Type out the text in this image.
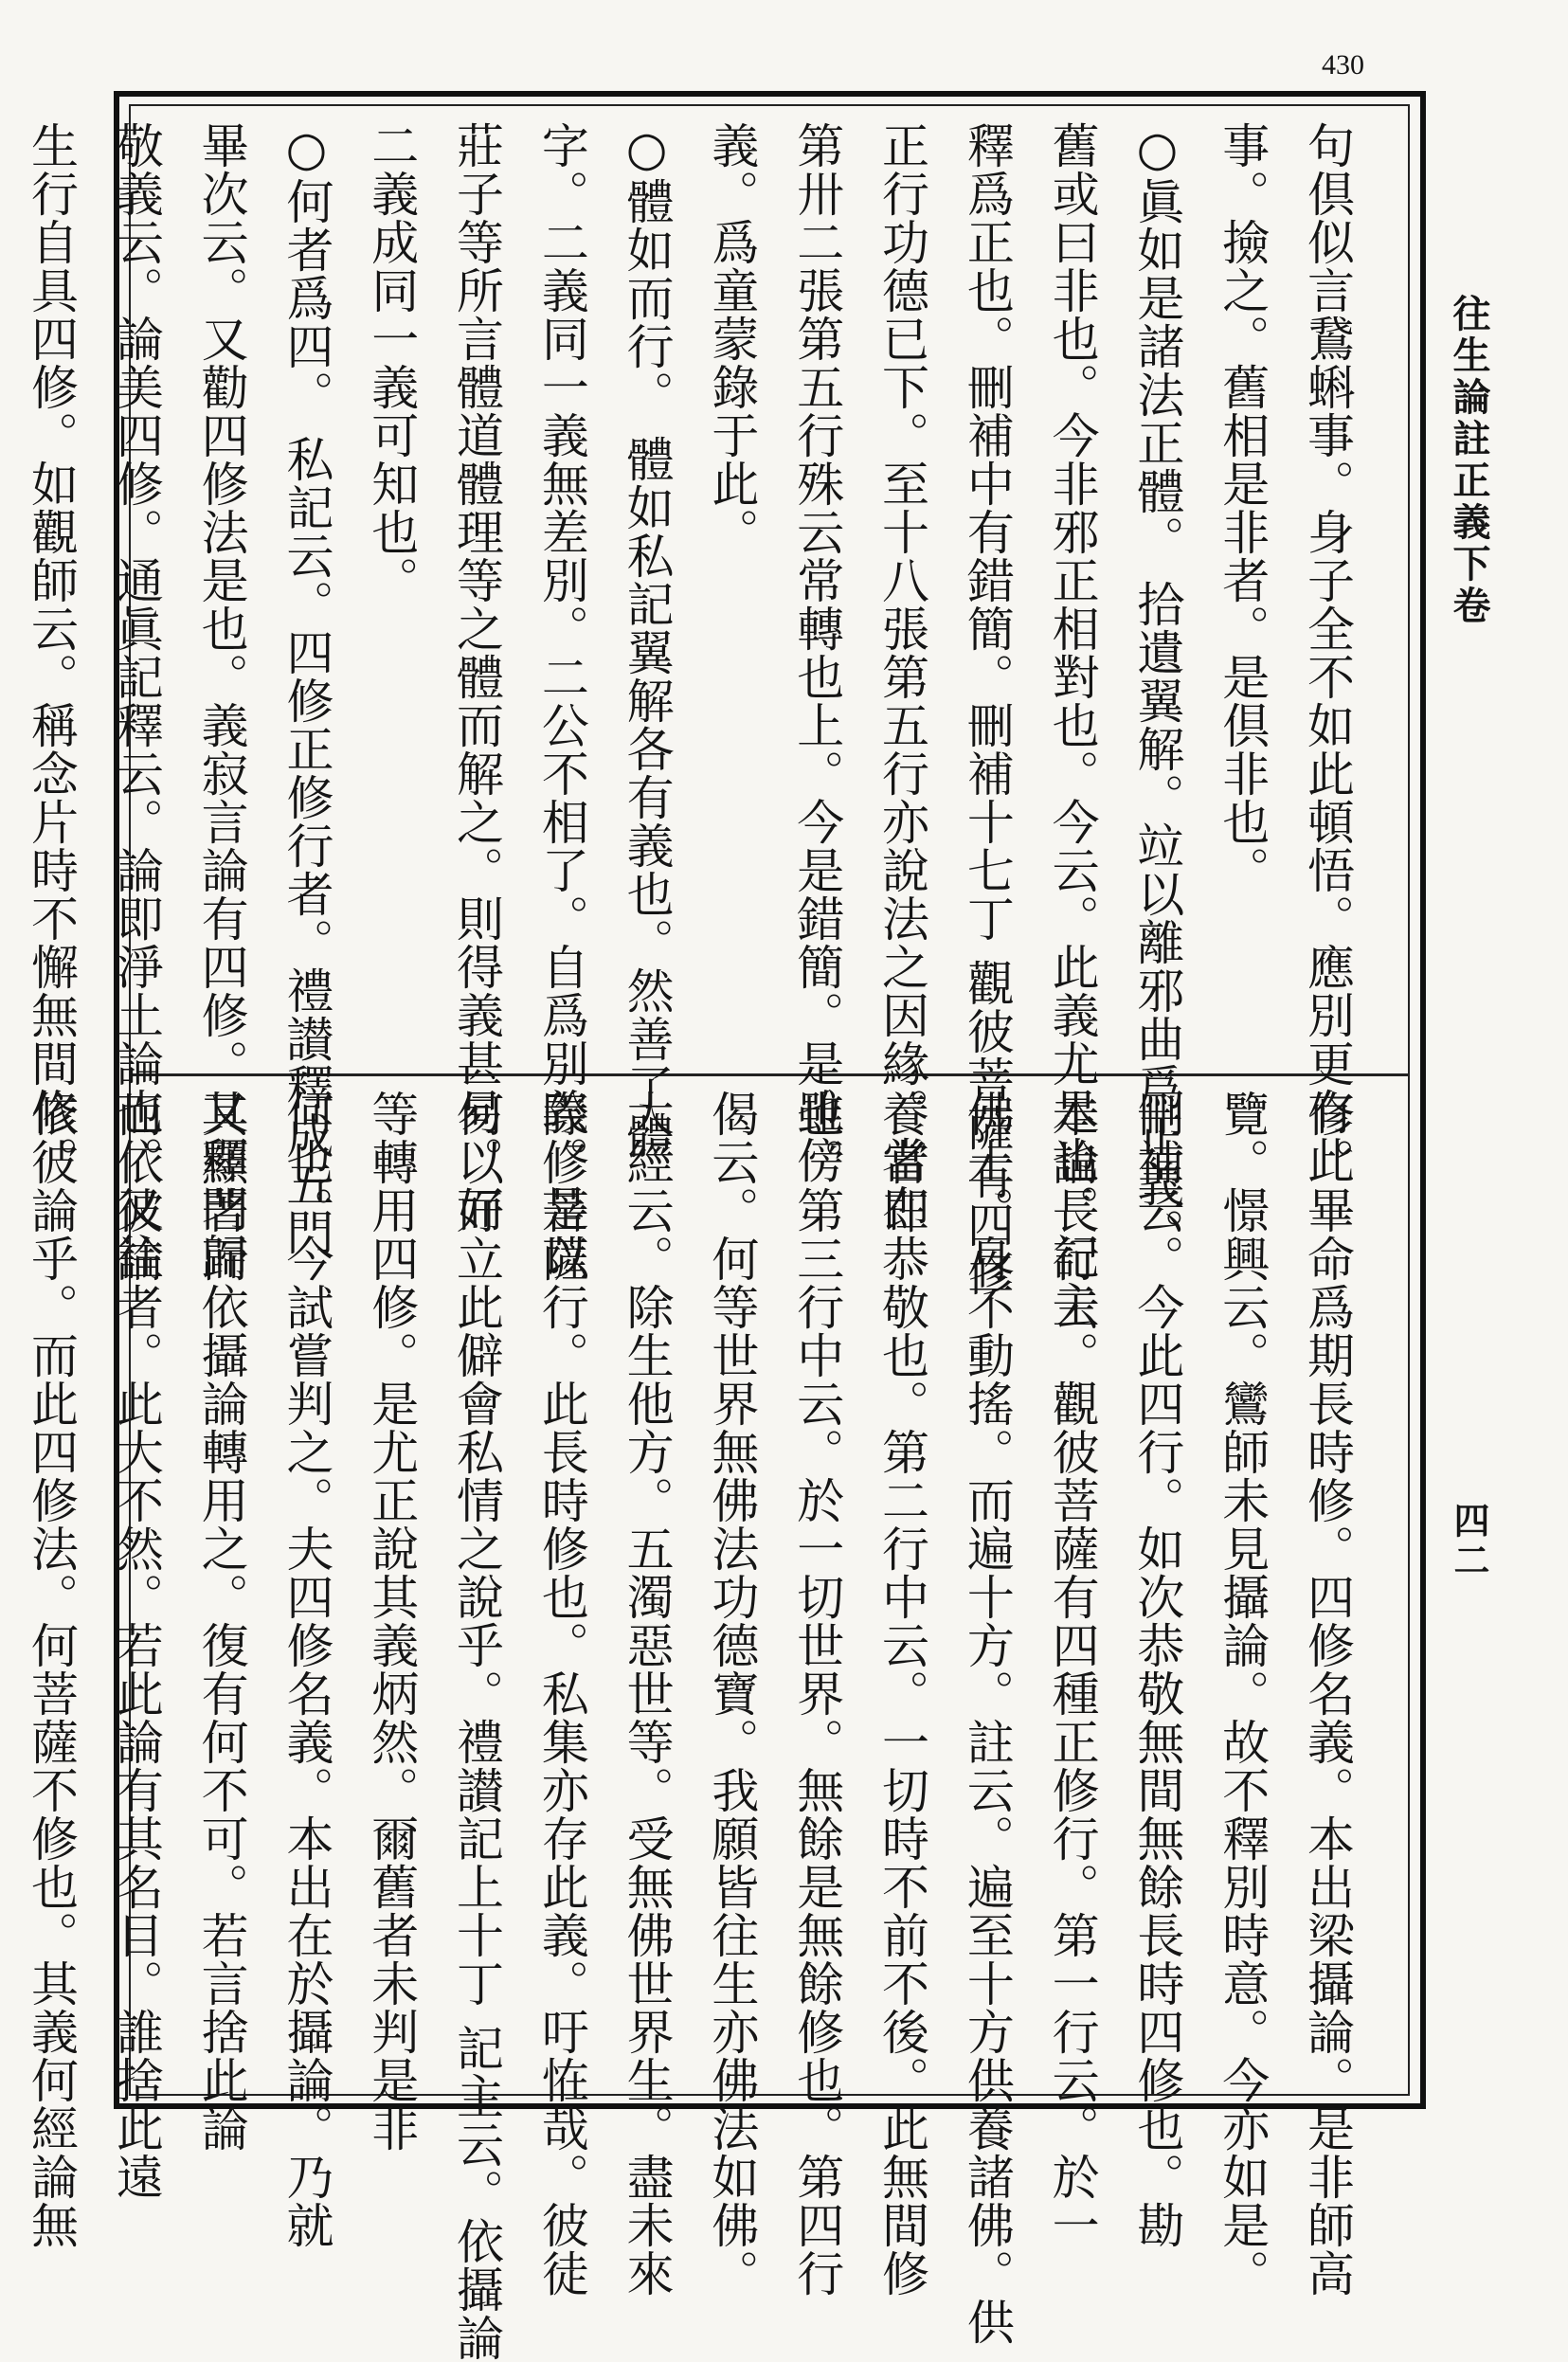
430
往生論註正義下卷
四二
句倶似言鵞蝌事。身子全不如此頓悟。應別更有此
事。撿之。舊相是非者。是倶非也。
○眞如是諸法正體。 拾遺翼解。竝以離邪曲爲正義。
舊或曰非也。今非邪正相對也。今云。此義尤是也。記主
釋爲正也。刪補中有錯簡。刪補十七丁 觀彼菩薩有四修
正行功德已下。至十八張第五行亦說法之因緣。當在
第卅二張第五行殊云常轉也上。今是錯簡。是雖傍
義。爲童蒙錄于此。
○體如而行。 體如私記翼解各有義也。然善了體
字。二義同一義無差別。二公不相了。自爲別義。是以
莊子等所言體道體理等之體而解之。則得義甚易。而
二義成同一義可知也。
○何者爲四。 私記云。四修正修行者。禮讃釋成五門
畢次云。又勸四修法是也。義寂言論有四修。又釋門歸
敬義云。論美四修。通眞記釋云。論即淨土論也。又往
生行自具四修。如觀師云。稱念片時不懈無間修。
修。畢命爲期長時修。四修名義。本出梁攝論。是非師高
覽。憬興云。鸞師未見攝論。故不釋別時意。今亦如是。
刪補云。今此四行。如次恭敬無間無餘長時四修也。勘
本論長行云。觀彼菩薩有四種正修行。第一行云。於一
佛土。身不動搖。而遍十方。註云。遍至十方供養諸佛。供
養者即恭敬也。第二行中云。一切時不前不後。此無間修
也。第三行中云。於一切世界。無餘是無餘修也。第四行
偈云。何等世界無佛法功德寶。我願皆往生亦佛法如佛。
大經云。除生他方。五濁惡世等。受無佛世界生。盡未來
際修菩薩行。此長時修也。私集亦存此義。吁恠哉。彼徒
何以好立此僻會私情之說乎。禮讃記上十丁 記主云。依攝論
等轉用四修。是尤正說其義炳然。爾舊者未判是非
何也。今試嘗判之。夫四修名義。本出在於攝論。乃就
其顯著而依攝論轉用之。復有何不可。若言捨此論
而依彼論者。此大不然。若此論有其名目。誰捨此遠
依彼論乎。而此四修法。何菩薩不修也。其義何經論無
